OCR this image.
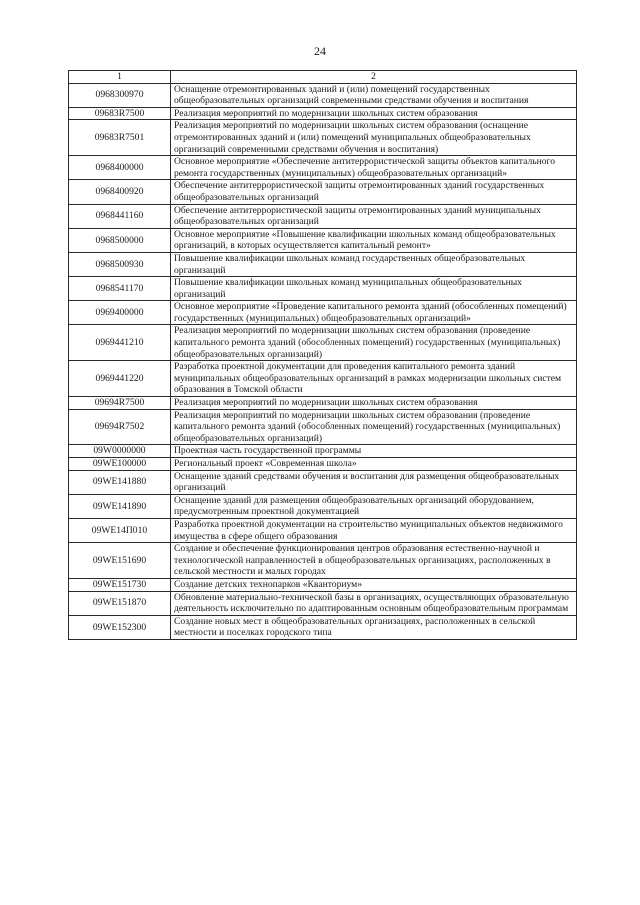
24
1	2
0968300970	Оснащение отремонтированных зданий и (или) помещений государственных общеобразовательных организаций современными средствами обучения и воспитания
09683R7500	Реализация мероприятий по модернизации школьных систем образования
09683R7501	Реализация мероприятий по модернизации школьных систем образования (оснащение отремонтированных зданий и (или) помещений муниципальных общеобразовательных организаций современными средствами обучения и воспитания)
0968400000	Основное мероприятие «Обеспечение антитеррористической защиты объектов капитального ремонта государственных (муниципальных) общеобразовательных организаций»
0968400920	Обеспечение антитеррористической защиты отремонтированных зданий государственных общеобразовательных организаций
0968441160	Обеспечение антитеррористической защиты отремонтированных зданий муниципальных общеобразовательных организаций
0968500000	Основное мероприятие «Повышение квалификации школьных команд общеобразовательных организаций, в которых осуществляется капитальный ремонт»
0968500930	Повышение квалификации школьных команд государственных общеобразовательных организаций
0968541170	Повышение квалификации школьных команд муниципальных общеобразовательных организаций
0969400000	Основное мероприятие «Проведение капитального ремонта зданий (обособленных помещений) государственных (муниципальных) общеобразовательных организаций»
0969441210	Реализация мероприятий по модернизации школьных систем образования (проведение капитального ремонта зданий (обособленных помещений) государственных (муниципальных) общеобразовательных организаций)
0969441220	Разработка проектной документации для проведения капитального ремонта зданий муниципальных общеобразовательных организаций в рамках модернизации школьных систем образования в Томской области
09694R7500	Реализация мероприятий по модернизации школьных систем образования
09694R7502	Реализация мероприятий по модернизации школьных систем образования (проведение капитального ремонта зданий (обособленных помещений) государственных (муниципальных) общеобразовательных организаций)
09W0000000	Проектная часть государственной программы
09WE100000	Региональный проект «Современная школа»
09WE141880	Оснащение зданий средствами обучения и воспитания для размещения общеобразовательных организаций
09WE141890	Оснащение зданий для размещения общеобразовательных организаций оборудованием, предусмотренным проектной документацией
09WE14П010	Разработка проектной документации на строительство муниципальных объектов недвижимого имущества в сфере общего образования
09WE151690	Создание и обеспечение функционирования центров образования естественно-научной и технологической направленностей в общеобразовательных организациях, расположенных в сельской местности и малых городах
09WE151730	Создание детских технопарков «Кванториум»
09WE151870	Обновление материально-технической базы в организациях, осуществляющих образовательную деятельность исключительно по адаптированным основным общеобразовательным программам
09WE152300	Создание новых мест в общеобразовательных организациях, расположенных в сельской местности и поселках городского типа
